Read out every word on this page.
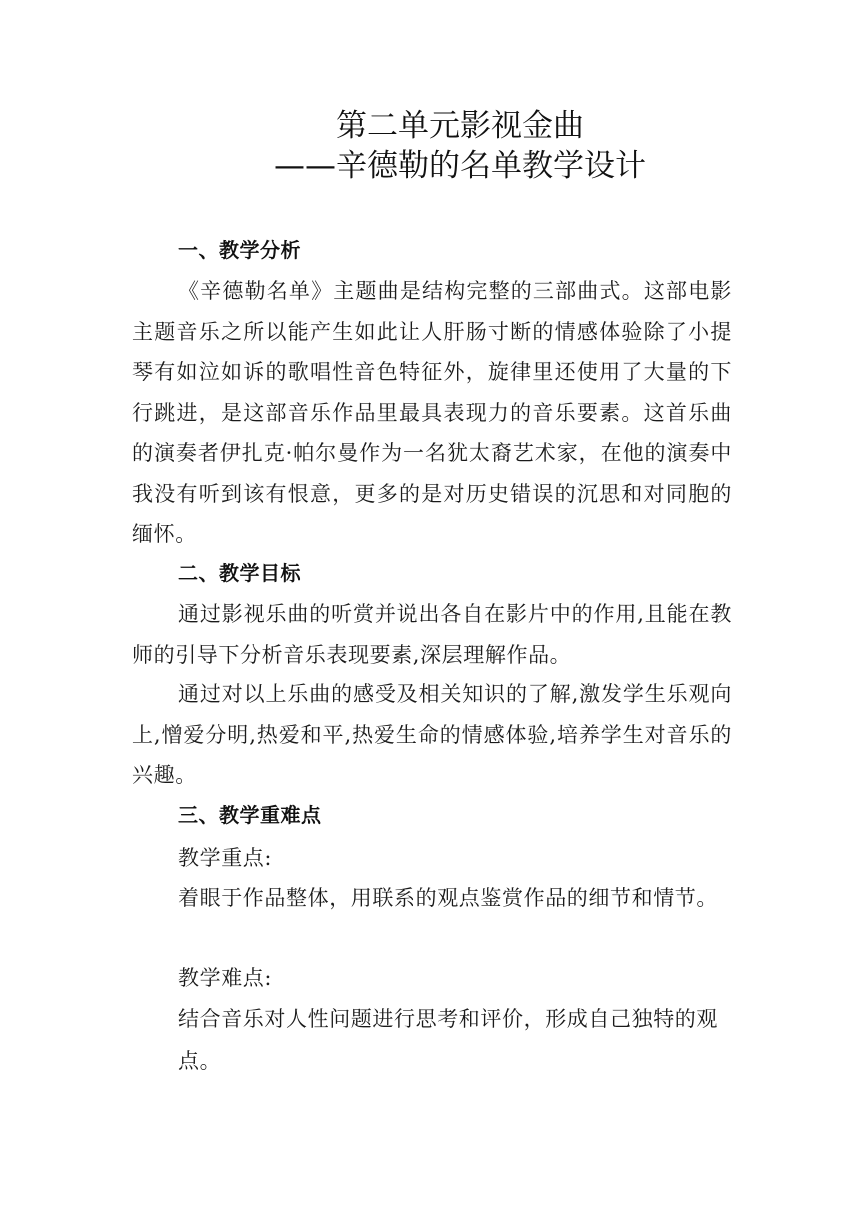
第二单元影视金曲
——辛德勒的名单教学设计
一、教学分析
《辛德勒名单》主题曲是结构完整的三部曲式。这部电影主题音乐之所以能产生如此让人肝肠寸断的情感体验除了小提琴有如泣如诉的歌唱性音色特征外，旋律里还使用了大量的下行跳进，是这部音乐作品里最具表现力的音乐要素。这首乐曲的演奏者伊扎克·帕尔曼作为一名犹太裔艺术家，在他的演奏中我没有听到该有恨意，更多的是对历史错误的沉思和对同胞的缅怀。
二、教学目标
通过影视乐曲的听赏并说出各自在影片中的作用,且能在教师的引导下分析音乐表现要素,深层理解作品。
通过对以上乐曲的感受及相关知识的了解,激发学生乐观向上,憎爱分明,热爱和平,热爱生命的情感体验,培养学生对音乐的兴趣。
三、教学重难点
教学重点:
着眼于作品整体，用联系的观点鉴赏作品的细节和情节。
教学难点:
结合音乐对人性问题进行思考和评价，形成自己独特的观点。
